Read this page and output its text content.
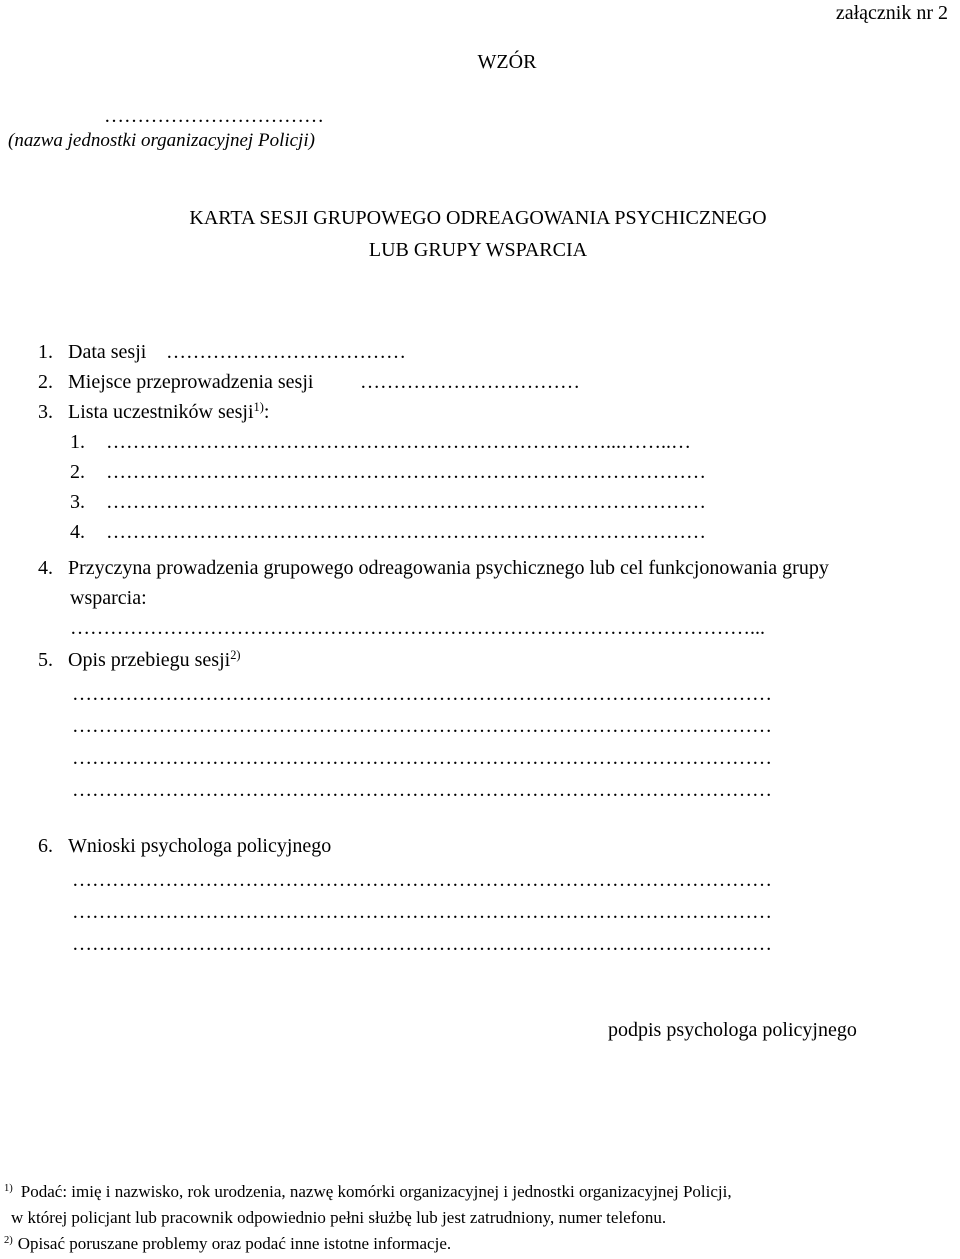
załącznik nr 2
WZÓR
……………………………
(nazwa jednostki organizacyjnej Policji)
KARTA SESJI GRUPOWEGO ODREAGOWANIA PSYCHICZNEGO
LUB GRUPY WSPARCIA
1. Data sesji ………………………………
2. Miejsce przeprowadzenia sesji ……………………………
3. Lista uczestników sesji$^{1)}$:
1. …………………………………………………………………...……..…
2. ………………………………………………………………………………
3. ………………………………………………………………………………
4. ………………………………………………………………………………
4. Przyczyna prowadzenia grupowego odreagowania psychicznego lub cel funkcjonowania grupy
wsparcia:
…………………………………………………………………………………………...
5. Opis przebiegu sesji$^{2)}$
……………………………………………………………………………………………
……………………………………………………………………………………………
……………………………………………………………………………………………
……………………………………………………………………………………………
6. Wnioski psychologa policyjnego
……………………………………………………………………………………………
……………………………………………………………………………………………
……………………………………………………………………………………………
podpis psychologa policyjnego
$^{1)}$ Podać: imię i nazwisko, rok urodzenia, nazwę komórki organizacyjnej i jednostki organizacyjnej Policji,
w której policjant lub pracownik odpowiednio pełni służbę lub jest zatrudniony, numer telefonu.
$^{2)}$ Opisać poruszane problemy oraz podać inne istotne informacje.
